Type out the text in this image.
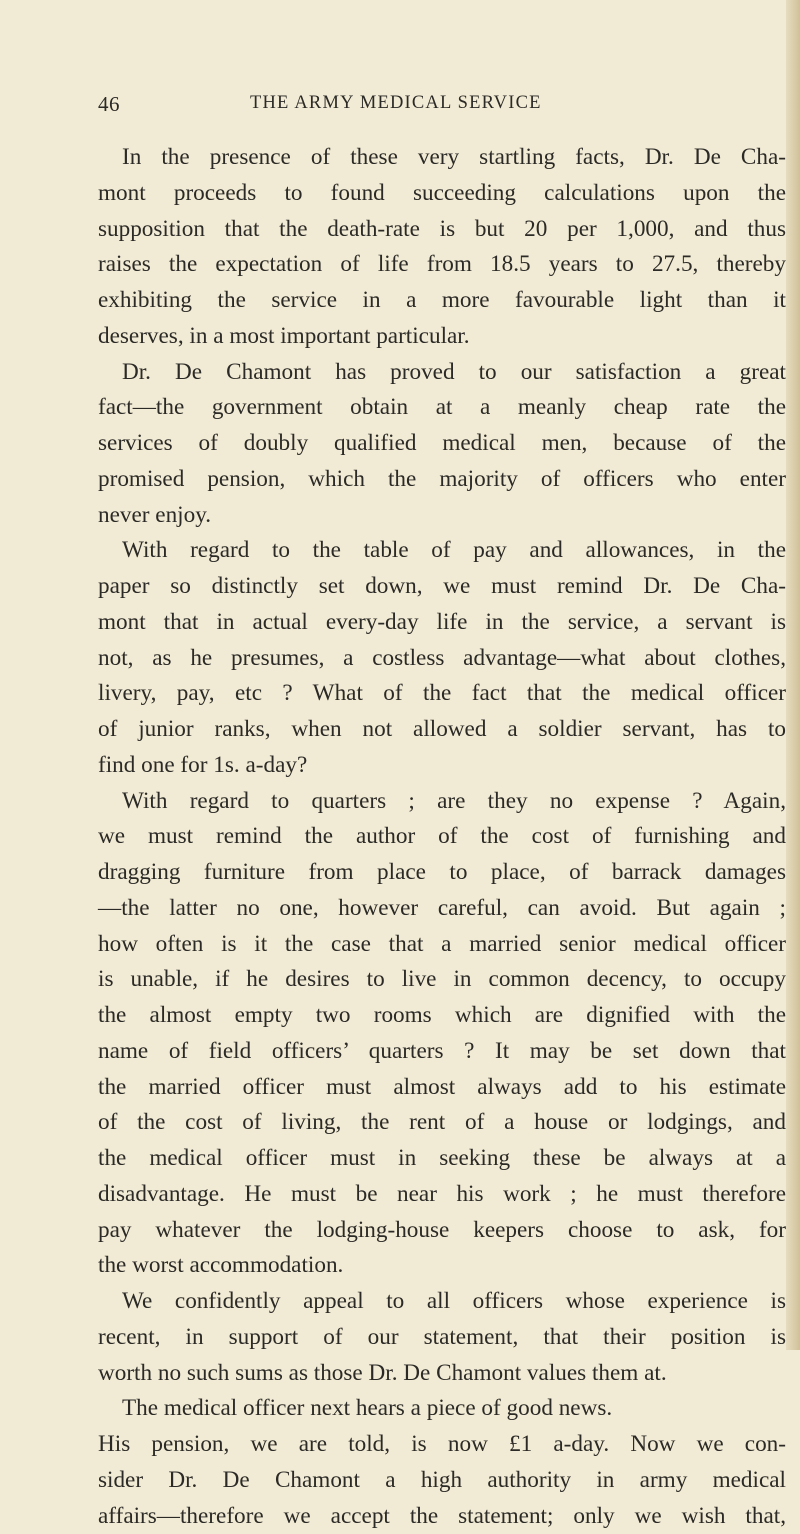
46	THE ARMY MEDICAL SERVICE
In the presence of these very startling facts, Dr. De Cha-
mont proceeds to found succeeding calculations upon the
supposition that the death-rate is but 20 per 1,000, and thus
raises the expectation of life from 18.5 years to 27.5, thereby
exhibiting the service in a more favourable light than it
deserves, in a most important particular.
Dr. De Chamont has proved to our satisfaction a great
fact—the government obtain at a meanly cheap rate the
services of doubly qualified medical men, because of the
promised pension, which the majority of officers who enter
never enjoy.
With regard to the table of pay and allowances, in the
paper so distinctly set down, we must remind Dr. De Cha-
mont that in actual every-day life in the service, a servant is
not, as he presumes, a costless advantage—what about clothes,
livery, pay, etc ? What of the fact that the medical officer
of junior ranks, when not allowed a soldier servant, has to
find one for 1s. a-day?
With regard to quarters ; are they no expense ? Again,
we must remind the author of the cost of furnishing and
dragging furniture from place to place, of barrack damages
—the latter no one, however careful, can avoid. But again ;
how often is it the case that a married senior medical officer
is unable, if he desires to live in common decency, to occupy
the almost empty two rooms which are dignified with the
name of field officers’ quarters ? It may be set down that
the married officer must almost always add to his estimate
of the cost of living, the rent of a house or lodgings, and
the medical officer must in seeking these be always at a
disadvantage. He must be near his work ; he must therefore
pay whatever the lodging-house keepers choose to ask, for
the worst accommodation.
We confidently appeal to all officers whose experience is
recent, in support of our statement, that their position is
worth no such sums as those Dr. De Chamont values them at.
The medical officer next hears a piece of good news.
His pension, we are told, is now £1 a-day. Now we con-
sider Dr. De Chamont a high authority in army medical
affairs—therefore we accept the statement; only we wish that,
